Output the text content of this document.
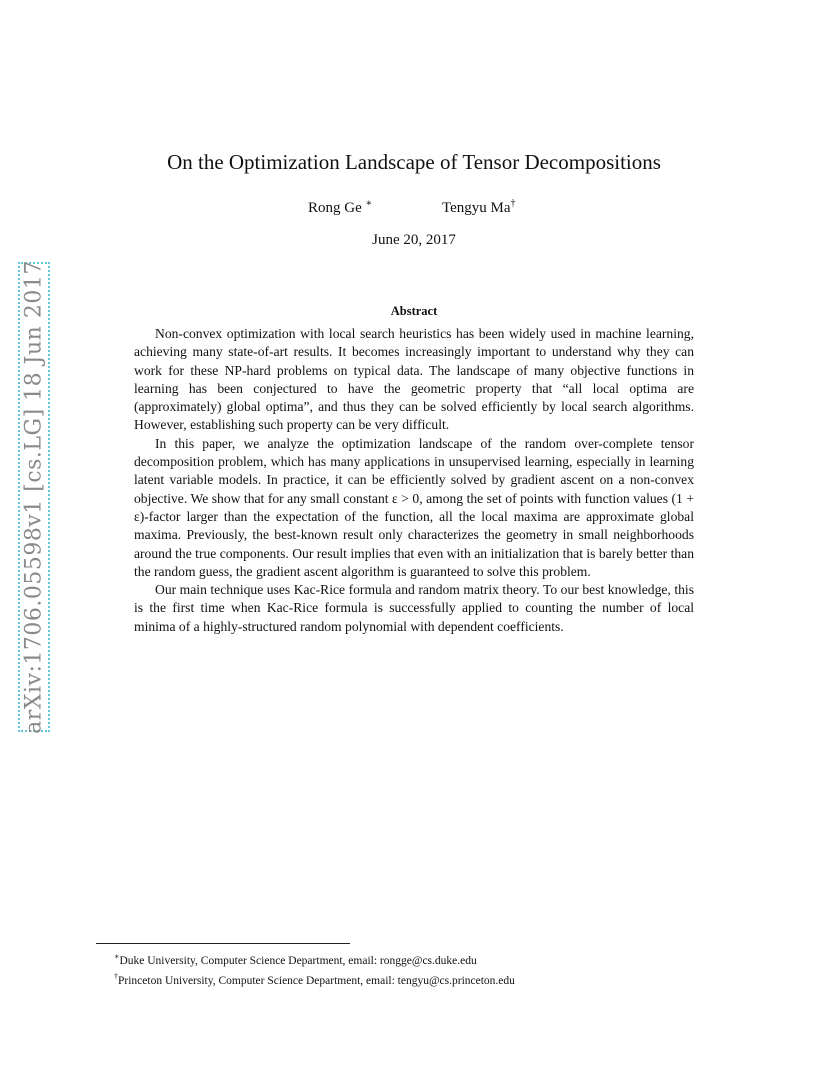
arXiv:1706.05598v1 [cs.LG] 18 Jun 2017
On the Optimization Landscape of Tensor Decompositions
Rong Ge ∗	Tengyu Ma†
June 20, 2017
Abstract

Non-convex optimization with local search heuristics has been widely used in machine learning, achieving many state-of-art results. It becomes increasingly important to understand why they can work for these NP-hard problems on typical data. The landscape of many objective functions in learning has been conjectured to have the geometric property that “all local optima are (approximately) global optima”, and thus they can be solved efficiently by local search algorithms. However, establishing such property can be very difficult.

In this paper, we analyze the optimization landscape of the random over-complete tensor decomposition problem, which has many applications in unsupervised learning, especially in learning latent variable models. In practice, it can be efficiently solved by gradient ascent on a non-convex objective. We show that for any small constant ε > 0, among the set of points with function values (1 + ε)-factor larger than the expectation of the function, all the local maxima are approximate global maxima. Previously, the best-known result only characterizes the geometry in small neighborhoods around the true components. Our result implies that even with an initialization that is barely better than the random guess, the gradient ascent algorithm is guaranteed to solve this problem.

Our main technique uses Kac-Rice formula and random matrix theory. To our best knowledge, this is the first time when Kac-Rice formula is successfully applied to counting the number of local minima of a highly-structured random polynomial with dependent coefficients.

∗Duke University, Computer Science Department, email: rongge@cs.duke.edu
†Princeton University, Computer Science Department, email: tengyu@cs.princeton.edu
